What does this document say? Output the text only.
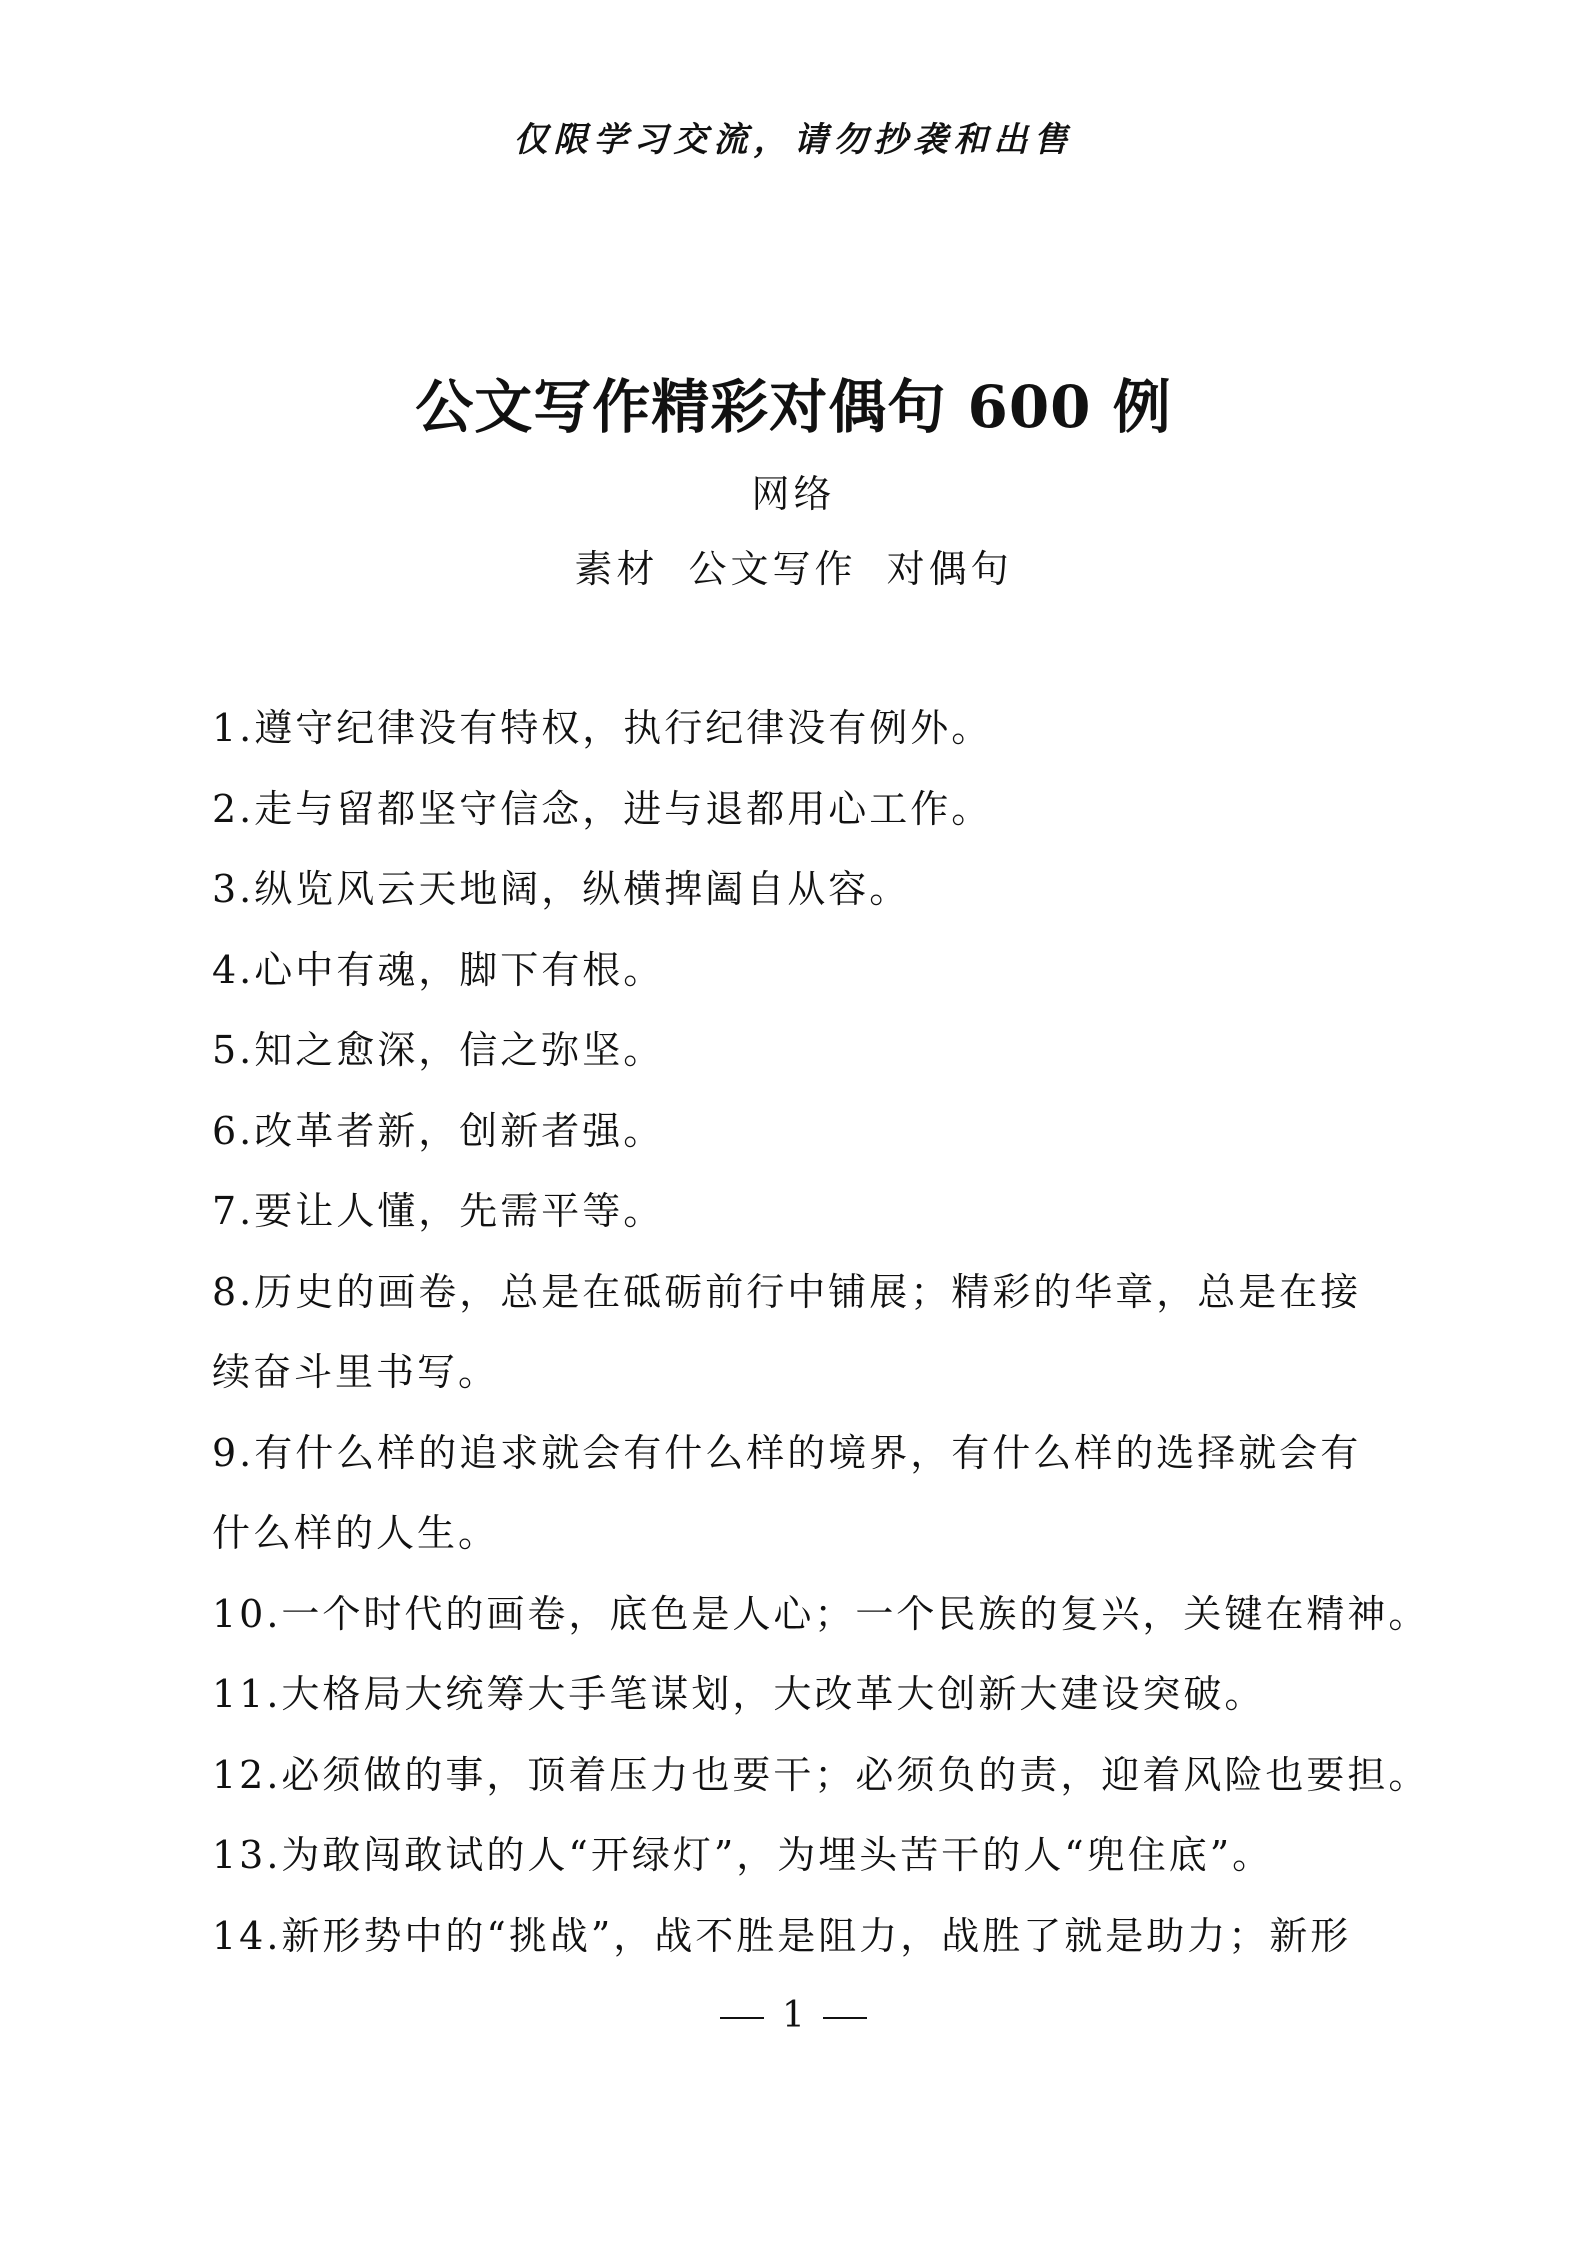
仅限学习交流，请勿抄袭和出售
公文写作精彩对偶句 600 例
网络
素材 公文写作 对偶句
1.遵守纪律没有特权，执行纪律没有例外。
2.走与留都坚守信念，进与退都用心工作。
3.纵览风云天地阔，纵横捭阖自从容。
4.心中有魂，脚下有根。
5.知之愈深，信之弥坚。
6.改革者新，创新者强。
7.要让人懂，先需平等。
8.历史的画卷，总是在砥砺前行中铺展；精彩的华章，总是在接
续奋斗里书写。
9.有什么样的追求就会有什么样的境界，有什么样的选择就会有
什么样的人生。
10.一个时代的画卷，底色是人心；一个民族的复兴，关键在精神。
11.大格局大统筹大手笔谋划，大改革大创新大建设突破。
12.必须做的事，顶着压力也要干；必须负的责，迎着风险也要担。
13.为敢闯敢试的人“开绿灯”，为埋头苦干的人“兜住底”。
14.新形势中的“挑战”，战不胜是阻力，战胜了就是助力；新形
1
